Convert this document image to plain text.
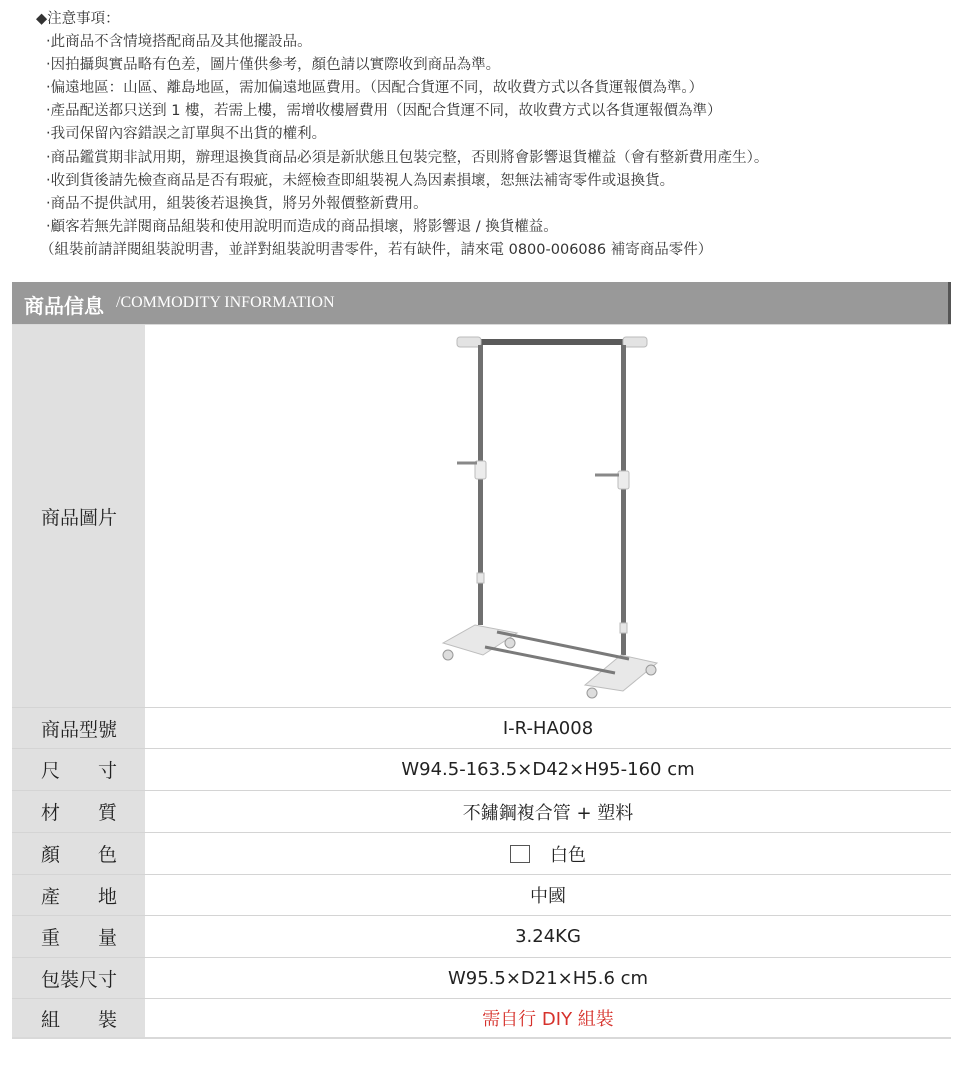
◆注意事項：
‧此商品不含情境搭配商品及其他擺設品。
‧因拍攝與實品略有色差，圖片僅供參考，顏色請以實際收到商品為準。
‧偏遠地區：山區、離島地區，需加偏遠地區費用。（因配合貨運不同，故收費方式以各貨運報價為準。）
‧產品配送都只送到 1 樓，若需上樓，需增收樓層費用（因配合貨運不同，故收費方式以各貨運報價為準）
‧我司保留內容錯誤之訂單與不出貨的權利。
‧商品鑑賞期非試用期，辦理退換貨商品必須是新狀態且包裝完整，否則將會影響退貨權益（會有整新費用產生）。
‧收到貨後請先檢查商品是否有瑕疵，未經檢查即組裝視人為因素損壞，恕無法補寄零件或退換貨。
‧商品不提供試用，組裝後若退換貨，將另外報價整新費用。
‧顧客若無先詳閱商品組裝和使用說明而造成的商品損壞，將影響退 / 換貨權益。
（組裝前請詳閱組裝說明書，並詳對組裝說明書零件，若有缺件，請來電 0800-006086 補寄商品零件）
商品信息 /COMMODITY INFORMATION
商品圖片
商品型號	I-R-HA008
尺 寸	W94.5-163.5×D42×H95-160 cm
材 質	不鏽鋼複合管 + 塑料
顏 色	白色
產 地	中國
重 量	3.24KG
包裝尺寸	W95.5×D21×H5.6 cm
組 裝	需自行 DIY 組裝
